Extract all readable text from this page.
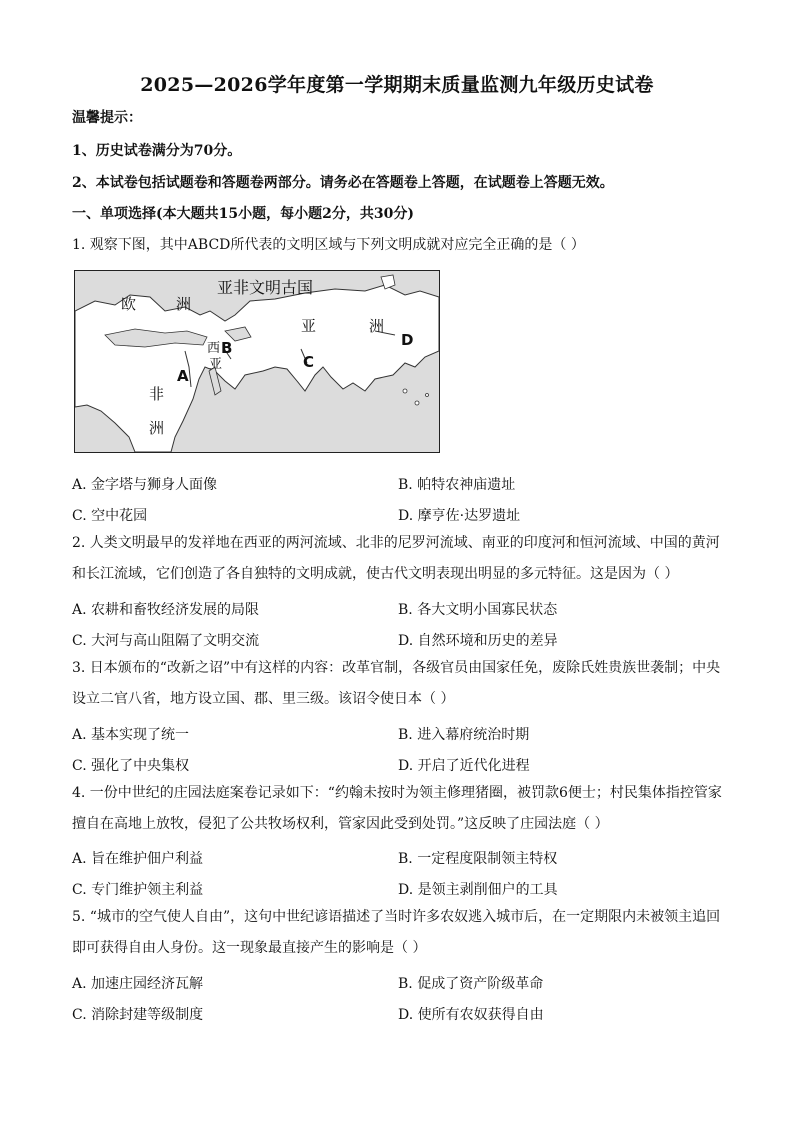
2025—2026学年度第一学期期末质量监测九年级历史试卷
温馨提示：
1、历史试卷满分为70分。
2、本试卷包括试题卷和答题卷两部分。请务必在答题卷上答题，在试题卷上答题无效。
一、单项选择(本大题共15小题，每小题2分，共30分)
1. 观察下图，其中ABCD所代表的文明区域与下列文明成就对应完全正确的是（ ）
亚非文明古国
欧	洲
亚	洲
西
亚
非
洲
A
B
C
D
A. 金字塔与狮身人面像	B. 帕特农神庙遗址
C. 空中花园	D. 摩亨佐·达罗遗址
2. 人类文明最早的发祥地在西亚的两河流域、北非的尼罗河流域、南亚的印度河和恒河流域、中国的黄河和长江流域，它们创造了各自独特的文明成就，使古代文明表现出明显的多元特征。这是因为（ ）
A. 农耕和畜牧经济发展的局限	B. 各大文明小国寡民状态
C. 大河与高山阻隔了文明交流	D. 自然环境和历史的差异
3. 日本颁布的“改新之诏”中有这样的内容：改革官制，各级官员由国家任免，废除氏姓贵族世袭制；中央设立二官八省，地方设立国、郡、里三级。该诏令使日本（ ）
A. 基本实现了统一	B. 进入幕府统治时期
C. 强化了中央集权	D. 开启了近代化进程
4. 一份中世纪的庄园法庭案卷记录如下：“约翰未按时为领主修理猪圈，被罚款6便士；村民集体指控管家擅自在高地上放牧，侵犯了公共牧场权利，管家因此受到处罚。”这反映了庄园法庭（ ）
A. 旨在维护佃户利益	B. 一定程度限制领主特权
C. 专门维护领主利益	D. 是领主剥削佃户的工具
5. “城市的空气使人自由”，这句中世纪谚语描述了当时许多农奴逃入城市后，在一定期限内未被领主追回即可获得自由人身份。这一现象最直接产生的影响是（ ）
A. 加速庄园经济瓦解	B. 促成了资产阶级革命
C. 消除封建等级制度	D. 使所有农奴获得自由
